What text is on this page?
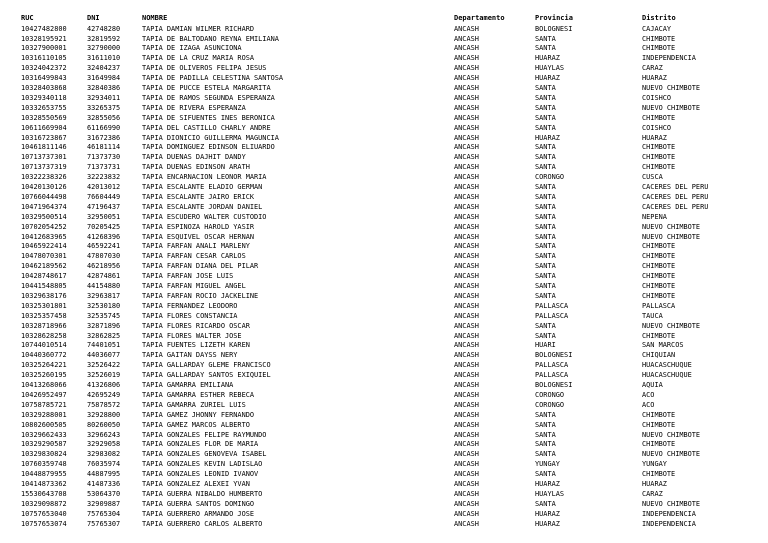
RUC	DNI	NOMBRE	Departamento	Provincia	Distrito
10427482800	42748280	TAPIA DAMIAN WILMER RICHARD	ANCASH	BOLOGNESI	CAJACAY
10328195921	32819592	TAPIA DE BALTODANO REYNA EMILIANA	ANCASH	SANTA	CHIMBOTE
10327900001	32790000	TAPIA DE IZAGA ASUNCIONA	ANCASH	SANTA	CHIMBOTE
10316110105	31611010	TAPIA DE LA CRUZ MARIA ROSA	ANCASH	HUARAZ	INDEPENDENCIA
10324042372	32404237	TAPIA DE OLIVEROS FELIPA JESUS	ANCASH	HUAYLAS	CARAZ
10316499843	31649984	TAPIA DE PADILLA CELESTINA SANTOSA	ANCASH	HUARAZ	HUARAZ
10328403868	32840386	TAPIA DE PUCCE ESTELA MARGARITA	ANCASH	SANTA	NUEVO CHIMBOTE
10329340118	32934011	TAPIA DE RAMOS SEGUNDA ESPERANZA	ANCASH	SANTA	COISHCO
10332653755	33265375	TAPIA DE RIVERA ESPERANZA	ANCASH	SANTA	NUEVO CHIMBOTE
10328550569	32855056	TAPIA DE SIFUENTES INES BERONICA	ANCASH	SANTA	CHIMBOTE
10611669904	61166990	TAPIA DEL CASTILLO CHARLY ANDRE	ANCASH	SANTA	COISHCO
10316723867	31672386	TAPIA DIONICIO GUILLERMA MAGUNCIA	ANCASH	HUARAZ	HUARAZ
10461811146	46181114	TAPIA DOMINGUEZ EDINSON ELIUARDO	ANCASH	SANTA	CHIMBOTE
10713737301	71373730	TAPIA DUEÑAS DAJHIT DANDY	ANCASH	SANTA	CHIMBOTE
10713737319	71373731	TAPIA DUEÑAS EDINSON ARATH	ANCASH	SANTA	CHIMBOTE
10322238326	32223832	TAPIA ENCARNACION LEONOR MARIA	ANCASH	CORONGO	CUSCA
10420130126	42013012	TAPIA ESCALANTE ELADIO GERMAN	ANCASH	SANTA	CACERES DEL PERU
10766044498	76604449	TAPIA ESCALANTE JAIRO ERICK	ANCASH	SANTA	CACERES DEL PERU
10471964374	47196437	TAPIA ESCALANTE JORDAN DANIEL	ANCASH	SANTA	CACERES DEL PERU
10329500514	32950051	TAPIA ESCUDERO WALTER CUSTODIO	ANCASH	SANTA	NEPEÑA
10702054252	70205425	TAPIA ESPINOZA HAROLD YASIR	ANCASH	SANTA	NUEVO CHIMBOTE
10412683965	41268396	TAPIA ESQUIVEL OSCAR HERNAN	ANCASH	SANTA	NUEVO CHIMBOTE
10465922414	46592241	TAPIA FARFAN ANALI MARLENY	ANCASH	SANTA	CHIMBOTE
10478070301	47807030	TAPIA FARFAN CESAR CARLOS	ANCASH	SANTA	CHIMBOTE
10462189562	46218956	TAPIA FARFAN DIANA DEL PILAR	ANCASH	SANTA	CHIMBOTE
10428748617	42874861	TAPIA FARFAN JOSE LUIS	ANCASH	SANTA	CHIMBOTE
10441548805	44154880	TAPIA FARFAN MIGUEL ANGEL	ANCASH	SANTA	CHIMBOTE
10329638176	32963817	TAPIA FARFAN ROCIO JACKELINE	ANCASH	SANTA	CHIMBOTE
10325301801	32530180	TAPIA FERNANDEZ LEODORO	ANCASH	PALLASCA	PALLASCA
10325357458	32535745	TAPIA FLORES CONSTANCIA	ANCASH	PALLASCA	TAUCA
10328718966	32871896	TAPIA FLORES RICARDO OSCAR	ANCASH	SANTA	NUEVO CHIMBOTE
10328628258	32862825	TAPIA FLORES WALTER JOSE	ANCASH	SANTA	CHIMBOTE
10744010514	74401051	TAPIA FUENTES LIZETH KAREN	ANCASH	HUARI	SAN MARCOS
10440360772	44036077	TAPIA GAITAN DAYSS NERY	ANCASH	BOLOGNESI	CHIQUIAN
10325264221	32526422	TAPIA GALLARDAY GLEME FRANCISCO	ANCASH	PALLASCA	HUACASCHUQUE
10325260195	32526019	TAPIA GALLARDAY SANTOS EXIQUIEL	ANCASH	PALLASCA	HUACASCHUQUE
10413268066	41326806	TAPIA GAMARRA EMILIANA	ANCASH	BOLOGNESI	AQUIA
10426952497	42695249	TAPIA GAMARRA ESTHER REBECA	ANCASH	CORONGO	ACO
10758785721	75878572	TAPIA GAMARRA ZURIEL LUIS	ANCASH	CORONGO	ACO
10329288001	32928800	TAPIA GAMEZ JHONNY FERNANDO	ANCASH	SANTA	CHIMBOTE
10802600505	80260050	TAPIA GAMEZ MARCOS ALBERTO	ANCASH	SANTA	CHIMBOTE
10329662433	32966243	TAPIA GONZALES FELIPE RAYMUNDO	ANCASH	SANTA	NUEVO CHIMBOTE
10329290587	32929058	TAPIA GONZALES FLOR DE MARIA	ANCASH	SANTA	CHIMBOTE
10329830824	32983082	TAPIA GONZALES GENOVEVA ISABEL	ANCASH	SANTA	NUEVO CHIMBOTE
10760359748	76035974	TAPIA GONZALES KEVIN LADISLAO	ANCASH	YUNGAY	YUNGAY
10448879955	44887995	TAPIA GONZALES LEONID IVANOV	ANCASH	SANTA	CHIMBOTE
10414873362	41487336	TAPIA GONZALEZ ALEXEI YVAN	ANCASH	HUARAZ	HUARAZ
15530643708	53064370	TAPIA GUERRA NIBALDO HUMBERTO	ANCASH	HUAYLAS	CARAZ
10329098872	32909887	TAPIA GUERRA SANTOS DOMINGO	ANCASH	SANTA	NUEVO CHIMBOTE
10757653040	75765304	TAPIA GUERRERO ARMANDO JOSE	ANCASH	HUARAZ	INDEPENDENCIA
10757653074	75765307	TAPIA GUERRERO CARLOS ALBERTO	ANCASH	HUARAZ	INDEPENDENCIA
